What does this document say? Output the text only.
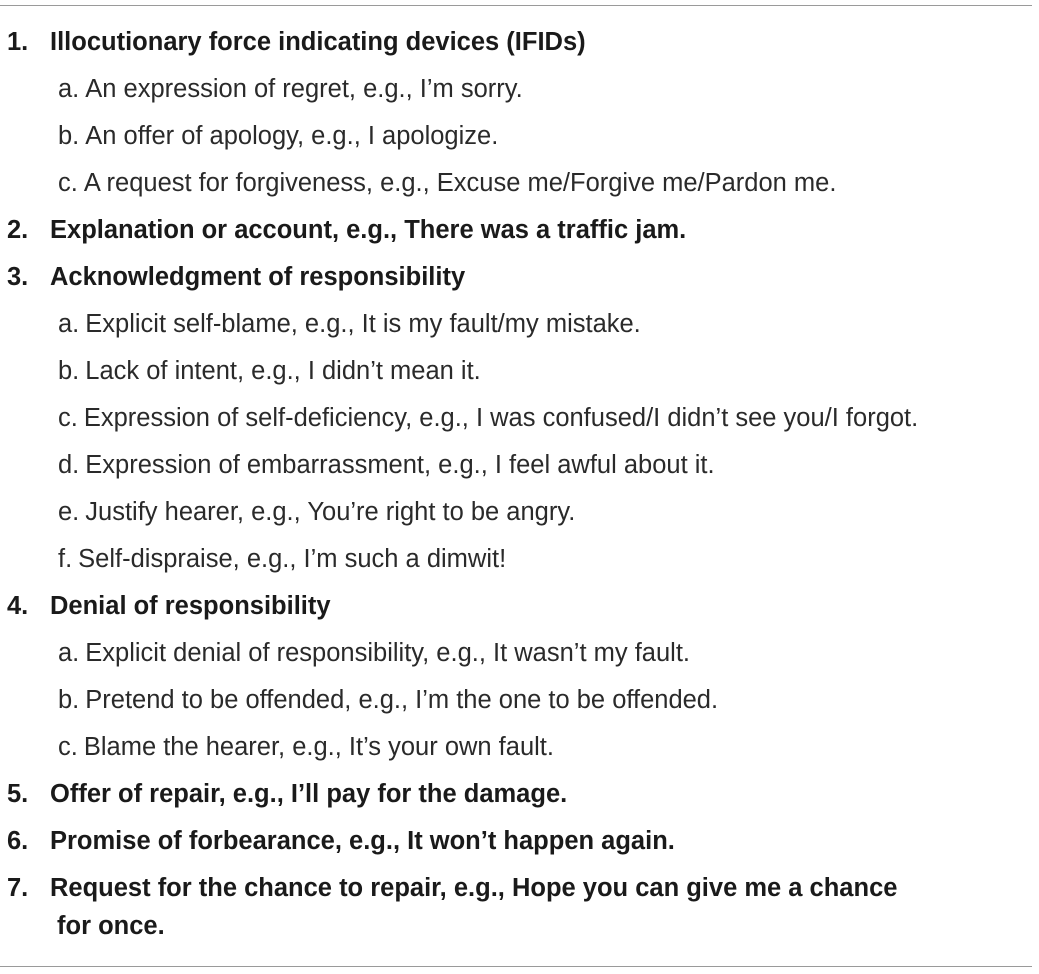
1. Illocutionary force indicating devices (IFIDs)
a. An expression of regret, e.g., I’m sorry.
b. An offer of apology, e.g., I apologize.
c. A request for forgiveness, e.g., Excuse me/Forgive me/Pardon me.
2. Explanation or account, e.g., There was a traffic jam.
3. Acknowledgment of responsibility
a. Explicit self-blame, e.g., It is my fault/my mistake.
b. Lack of intent, e.g., I didn’t mean it.
c. Expression of self-deficiency, e.g., I was confused/I didn’t see you/I forgot.
d. Expression of embarrassment, e.g., I feel awful about it.
e. Justify hearer, e.g., You’re right to be angry.
f. Self-dispraise, e.g., I’m such a dimwit!
4. Denial of responsibility
a. Explicit denial of responsibility, e.g., It wasn’t my fault.
b. Pretend to be offended, e.g., I’m the one to be offended.
c. Blame the hearer, e.g., It’s your own fault.
5. Offer of repair, e.g., I’ll pay for the damage.
6. Promise of forbearance, e.g., It won’t happen again.
7. Request for the chance to repair, e.g., Hope you can give me a chance
for once.
